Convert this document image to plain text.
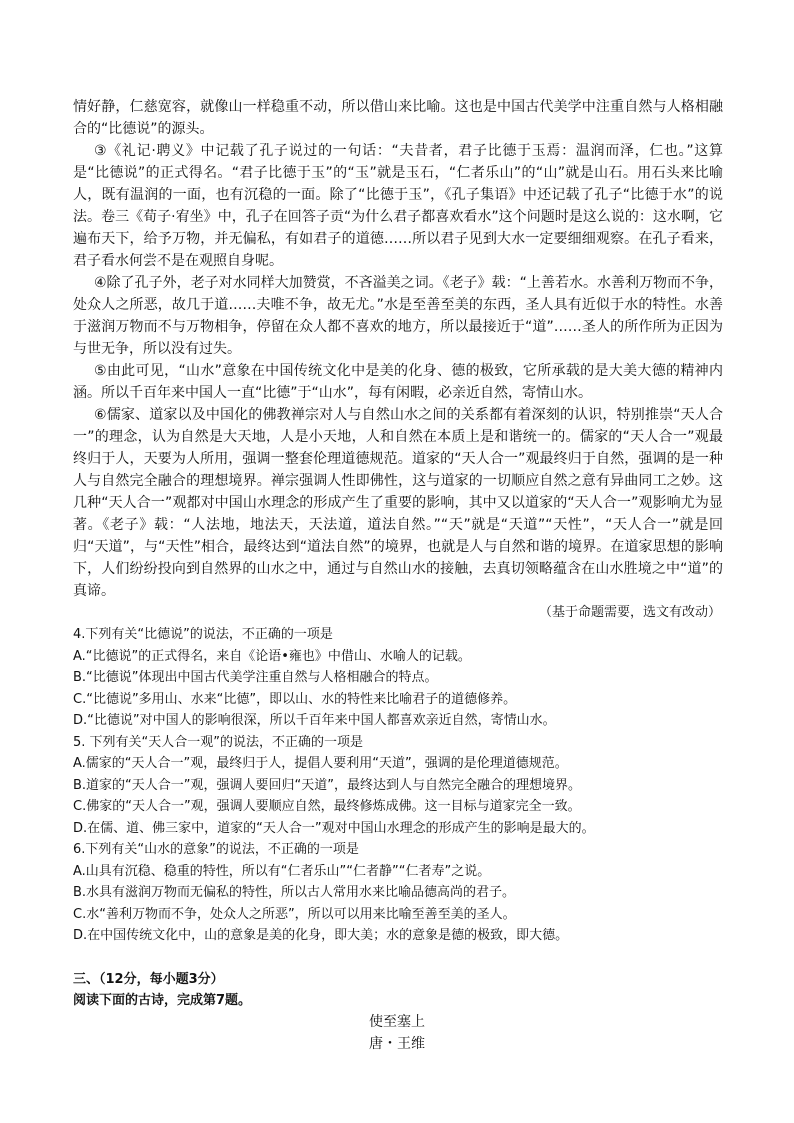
情好静，仁慈宽容，就像山一样稳重不动，所以借山来比喻。这也是中国古代美学中注重自然与人格相融合的“比德说”的源头。

③《礼记·聘义》中记载了孔子说过的一句话：“夫昔者，君子比德于玉焉：温润而泽，仁也。”这算是“比德说”的正式得名。“君子比德于玉”的“玉”就是玉石，“仁者乐山”的“山”就是山石。用石头来比喻人，既有温润的一面，也有沉稳的一面。除了“比德于玉”，《孔子集语》中还记载了孔子“比德于水”的说法。卷三《荀子·宥坐》中，孔子在回答子贡“为什么君子都喜欢看水”这个问题时是这么说的：这水啊，它遍布天下，给予万物，并无偏私，有如君子的道德……所以君子见到大水一定要细细观察。在孔子看来，君子看水何尝不是在观照自身呢。

④除了孔子外，老子对水同样大加赞赏，不吝溢美之词。《老子》载：“上善若水。水善利万物而不争，处众人之所恶，故几于道……夫唯不争，故无尤。”水是至善至美的东西，圣人具有近似于水的特性。水善于滋润万物而不与万物相争，停留在众人都不喜欢的地方，所以最接近于“道”……圣人的所作所为正因为与世无争，所以没有过失。

⑤由此可见，“山水”意象在中国传统文化中是美的化身、德的极致，它所承载的是大美大德的精神内涵。所以千百年来中国人一直“比德”于“山水”，每有闲暇，必亲近自然，寄情山水。

⑥儒家、道家以及中国化的佛教禅宗对人与自然山水之间的关系都有着深刻的认识，特别推崇“天人合一”的理念，认为自然是大天地，人是小天地，人和自然在本质上是和谐统一的。儒家的“天人合一”观最终归于人，天要为人所用，强调一整套伦理道德规范。道家的“天人合一”观最终归于自然，强调的是一种人与自然完全融合的理想境界。禅宗强调人性即佛性，这与道家的一切顺应自然之意有异曲同工之妙。这几种“天人合一”观都对中国山水理念的形成产生了重要的影响，其中又以道家的“天人合一”观影响尤为显著。《老子》载：“人法地，地法天，天法道，道法自然。”“天”就是“天道”“天性”，“天人合一”就是回归“天道”，与“天性”相合，最终达到“道法自然”的境界，也就是人与自然和谐的境界。在道家思想的影响下，人们纷纷投向到自然界的山水之中，通过与自然山水的接触，去真切领略蕴含在山水胜境之中“道”的真谛。

（基于命题需要，选文有改动）

4.下列有关“比德说”的说法，不正确的一项是

A.“比德说”的正式得名，来自《论语•雍也》中借山、水喻人的记载。

B.“比德说”体现出中国古代美学注重自然与人格相融合的特点。

C.“比德说”多用山、水来“比德”，即以山、水的特性来比喻君子的道德修养。

D.“比德说”对中国人的影响很深，所以千百年来中国人都喜欢亲近自然，寄情山水。

5. 下列有关“天人合一观”的说法，不正确的一项是

A.儒家的“天人合一”观，最终归于人，提倡人要利用“天道”，强调的是伦理道德规范。

B.道家的“天人合一”观，强调人要回归“天道”，最终达到人与自然完全融合的理想境界。

C.佛家的“天人合一”观，强调人要顺应自然，最终修炼成佛。这一目标与道家完全一致。

D.在儒、道、佛三家中，道家的“天人合一”观对中国山水理念的形成产生的影响是最大的。

6.下列有关“山水的意象”的说法，不正确的一项是

A.山具有沉稳、稳重的特性，所以有“仁者乐山”“仁者静”“仁者寿”之说。

B.水具有滋润万物而无偏私的特性，所以古人常用水来比喻品德高尚的君子。

C.水“善利万物而不争，处众人之所恶”，所以可以用来比喻至善至美的圣人。

D.在中国传统文化中，山的意象是美的化身，即大美；水的意象是德的极致，即大德。

三、（12分，每小题3分）

阅读下面的古诗，完成第7题。

使至塞上

唐・王维
